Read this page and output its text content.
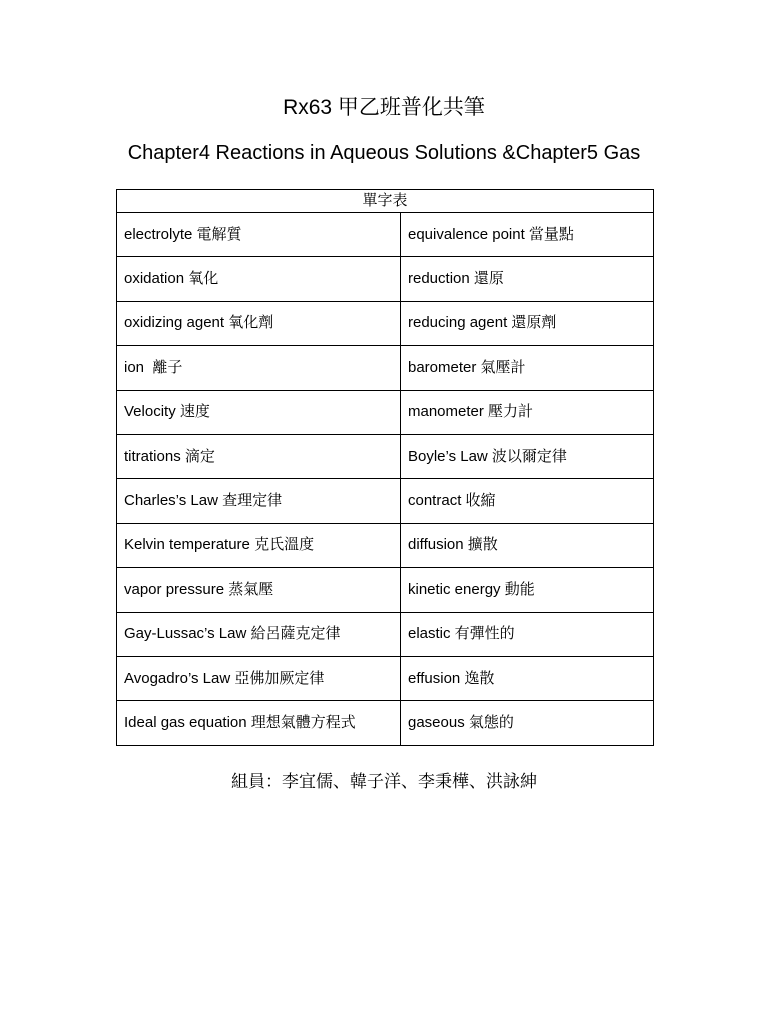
Rx63 甲乙班普化共筆
Chapter4 Reactions in Aqueous Solutions &Chapter5 Gas
單字表	
electrolyte 電解質	equivalence point 當量點
oxidation 氧化	reduction 還原
oxidizing agent 氧化劑	reducing agent 還原劑
ion  離子	barometer 氣壓計
Velocity 速度	manometer 壓力計
titrations 滴定	Boyle’s Law 波以爾定律
Charles’s Law 查理定律	contract 收縮
Kelvin temperature 克氏溫度	diffusion 擴散
vapor pressure 蒸氣壓	kinetic energy 動能
Gay-Lussac’s Law 給呂薩克定律	elastic 有彈性的
Avogadro’s Law 亞佛加厥定律	effusion 逸散
Ideal gas equation 理想氣體方程式	gaseous 氣態的
組員：李宜儒、韓子洋、李秉樺、洪詠紳
